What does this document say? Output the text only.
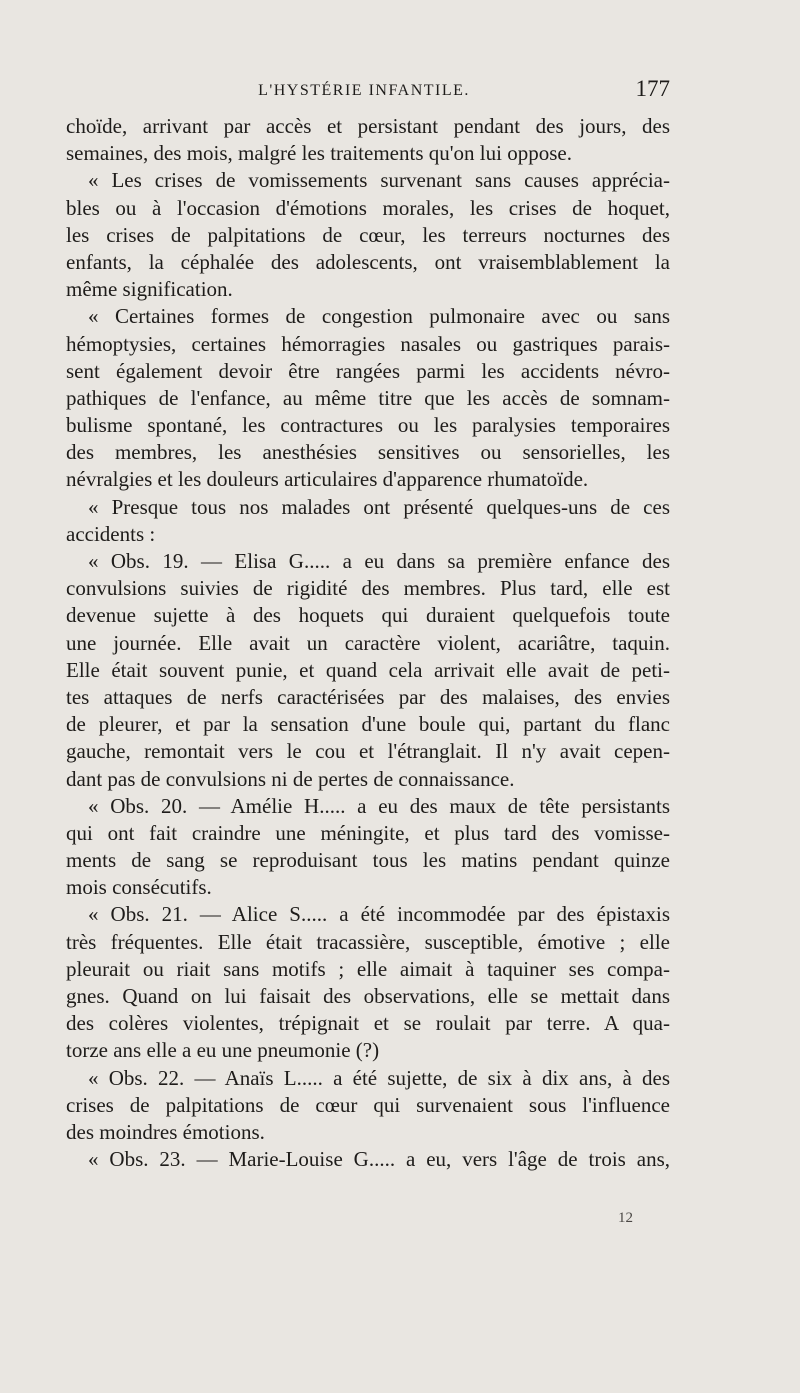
L'HYSTÉRIE INFANTILE.	177
choïde, arrivant par accès et persistant pendant des jours, des
semaines, des mois, malgré les traitements qu'on lui oppose.
« Les crises de vomissements survenant sans causes apprécia-
bles ou à l'occasion d'émotions morales, les crises de hoquet,
les crises de palpitations de cœur, les terreurs nocturnes des
enfants, la céphalée des adolescents, ont vraisemblablement la
même signification.
« Certaines formes de congestion pulmonaire avec ou sans
hémoptysies, certaines hémorragies nasales ou gastriques parais-
sent également devoir être rangées parmi les accidents névro-
pathiques de l'enfance, au même titre que les accès de somnam-
bulisme spontané, les contractures ou les paralysies temporaires
des membres, les anesthésies sensitives ou sensorielles, les
névralgies et les douleurs articulaires d'apparence rhumatoïde.
« Presque tous nos malades ont présenté quelques-uns de ces
accidents :
« Obs. 19. — Elisa G..... a eu dans sa première enfance des
convulsions suivies de rigidité des membres. Plus tard, elle est
devenue sujette à des hoquets qui duraient quelquefois toute
une journée. Elle avait un caractère violent, acariâtre, taquin.
Elle était souvent punie, et quand cela arrivait elle avait de peti-
tes attaques de nerfs caractérisées par des malaises, des envies
de pleurer, et par la sensation d'une boule qui, partant du flanc
gauche, remontait vers le cou et l'étranglait. Il n'y avait cepen-
dant pas de convulsions ni de pertes de connaissance.
« Obs. 20. — Amélie H..... a eu des maux de tête persistants
qui ont fait craindre une méningite, et plus tard des vomisse-
ments de sang se reproduisant tous les matins pendant quinze
mois consécutifs.
« Obs. 21. — Alice S..... a été incommodée par des épistaxis
très fréquentes. Elle était tracassière, susceptible, émotive ; elle
pleurait ou riait sans motifs ; elle aimait à taquiner ses compa-
gnes. Quand on lui faisait des observations, elle se mettait dans
des colères violentes, trépignait et se roulait par terre. A qua-
torze ans elle a eu une pneumonie (?)
« Obs. 22. — Anaïs L..... a été sujette, de six à dix ans, à des
crises de palpitations de cœur qui survenaient sous l'influence
des moindres émotions.
« Obs. 23. — Marie-Louise G..... a eu, vers l'âge de trois ans,
12
